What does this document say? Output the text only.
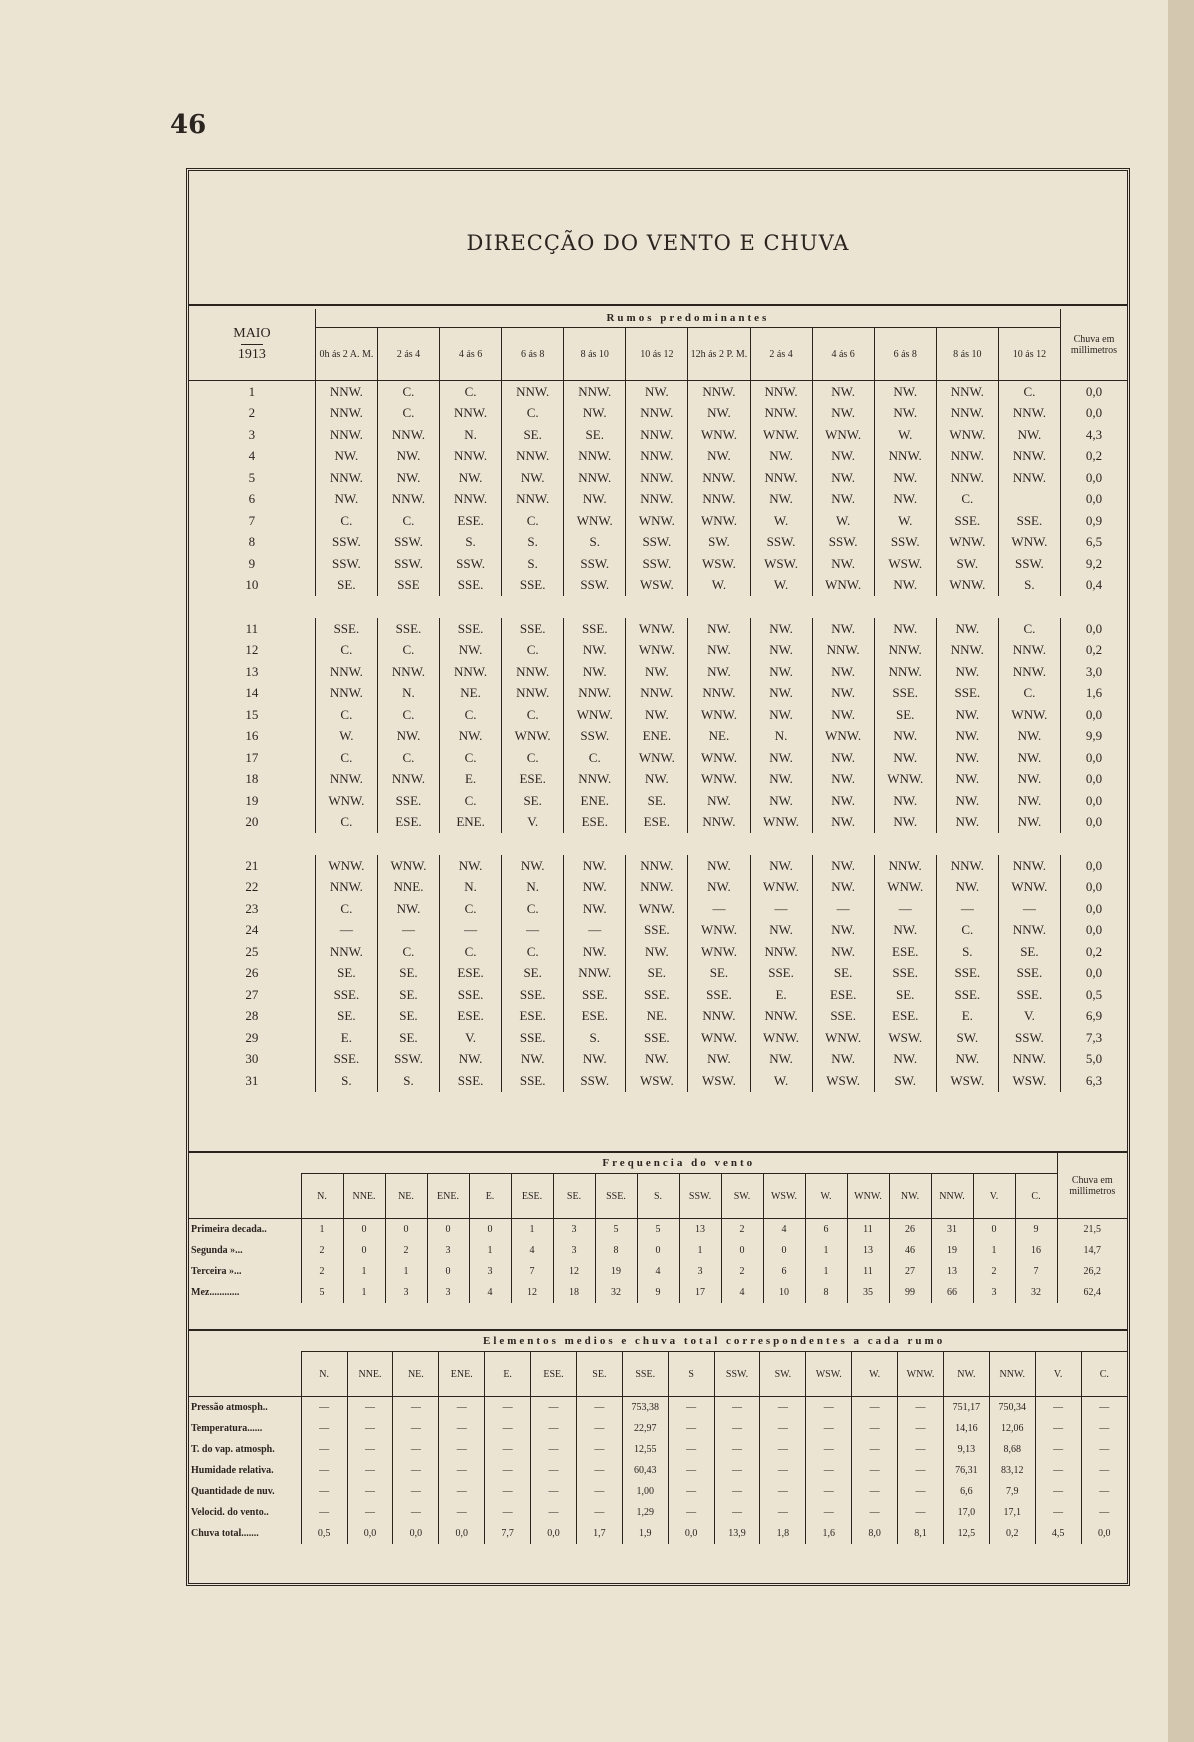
46
DIRECÇÃO DO VENTO E CHUVA
MAIO
1913	Rumos predominantes												Chuva em millimetros
	0h ás 2 A. M.	2 ás 4	4 ás 6	6 ás 8	8 ás 10	10 ás 12	12h ás 2 P. M.	2 ás 4	4 ás 6	6 ás 8	8 ás 10	10 ás 12	
1	NNW.	C.	C.	NNW.	NNW.	NW.	NNW.	NNW.	NW.	NW.	NNW.	C.	0,0
2	NNW.	C.	NNW.	C.	NW.	NNW.	NW.	NNW.	NW.	NW.	NNW.	NNW.	0,0
3	NNW.	NNW.	N.	SE.	SE.	NNW.	WNW.	WNW.	WNW.	W.	WNW.	NW.	4,3
4	NW.	NW.	NNW.	NNW.	NNW.	NNW.	NW.	NW.	NW.	NNW.	NNW.	NNW.	0,2
5	NNW.	NW.	NW.	NW.	NNW.	NNW.	NNW.	NNW.	NW.	NW.	NNW.	NNW.	0,0
6	NW.	NNW.	NNW.	NNW.	NW.	NNW.	NNW.	NW.	NW.	NW.	C.		0,0
7	C.	C.	ESE.	C.	WNW.	WNW.	WNW.	W.	W.	W.	SSE.	SSE.	0,9
8	SSW.	SSW.	S.	S.	S.	SSW.	SW.	SSW.	SSW.	SSW.	WNW.	WNW.	6,5
9	SSW.	SSW.	SSW.	S.	SSW.	SSW.	WSW.	WSW.	NW.	WSW.	SW.	SSW.	9,2
10	SE.	SSE	SSE.	SSE.	SSW.	WSW.	W.	W.	WNW.	NW.	WNW.	S.	0,4

11	SSE.	SSE.	SSE.	SSE.	SSE.	WNW.	NW.	NW.	NW.	NW.	NW.	C.	0,0
12	C.	C.	NW.	C.	NW.	WNW.	NW.	NW.	NNW.	NNW.	NNW.	NNW.	0,2
13	NNW.	NNW.	NNW.	NNW.	NW.	NW.	NW.	NW.	NW.	NNW.	NW.	NNW.	3,0
14	NNW.	N.	NE.	NNW.	NNW.	NNW.	NNW.	NW.	NW.	SSE.	SSE.	C.	1,6
15	C.	C.	C.	C.	WNW.	NW.	WNW.	NW.	NW.	SE.	NW.	WNW.	0,0
16	W.	NW.	NW.	WNW.	SSW.	ENE.	NE.	N.	WNW.	NW.	NW.	NW.	9,9
17	C.	C.	C.	C.	C.	WNW.	WNW.	NW.	NW.	NW.	NW.	NW.	0,0
18	NNW.	NNW.	E.	ESE.	NNW.	NW.	WNW.	NW.	NW.	WNW.	NW.	NW.	0,0
19	WNW.	SSE.	C.	SE.	ENE.	SE.	NW.	NW.	NW.	NW.	NW.	NW.	0,0
20	C.	ESE.	ENE.	V.	ESE.	ESE.	NNW.	WNW.	NW.	NW.	NW.	NW.	0,0

21	WNW.	WNW.	NW.	NW.	NW.	NNW.	NW.	NW.	NW.	NNW.	NNW.	NNW.	0,0
22	NNW.	NNE.	N.	N.	NW.	NNW.	NW.	WNW.	NW.	WNW.	NW.	WNW.	0,0
23	C.	NW.	C.	C.	NW.	WNW.	—	—	—	—	—	—	0,0
24	—	—	—	—	—	SSE.	WNW.	NW.	NW.	NW.	C.	NNW.	0,0
25	NNW.	C.	C.	C.	NW.	NW.	WNW.	NNW.	NW.	ESE.	S.	SE.	0,2
26	SE.	SE.	ESE.	SE.	NNW.	SE.	SE.	SSE.	SE.	SSE.	SSE.	SSE.	0,0
27	SSE.	SE.	SSE.	SSE.	SSE.	SSE.	SSE.	E.	ESE.	SE.	SSE.	SSE.	0,5
28	SE.	SE.	ESE.	ESE.	ESE.	NE.	NNW.	NNW.	SSE.	ESE.	E.	V.	6,9
29	E.	SE.	V.	SSE.	S.	SSE.	WNW.	WNW.	WNW.	WSW.	SW.	SSW.	7,3
30	SSE.	SSW.	NW.	NW.	NW.	NW.	NW.	NW.	NW.	NW.	NW.	NNW.	5,0
31	S.	S.	SSE.	SSE.	SSW.	WSW.	WSW.	W.	WSW.	SW.	WSW.	WSW.	6,3
	Frequencia do vento																		Chuva em millimetros
	N.	NNE.	NE.	ENE.	E.	ESE.	SE.	SSE.	S.	SSW.	SW.	WSW.	W.	WNW.	NW.	NNW.	V.	C.	
Primeira decada..	1	0	0	0	0	1	3	5	5	13	2	4	6	11	26	31	0	9	21,5
Segunda »...	2	0	2	3	1	4	3	8	0	1	0	0	1	13	46	19	1	16	14,7
Terceira »...	2	1	1	0	3	7	12	19	4	3	2	6	1	11	27	13	2	7	26,2
Mez............	5	1	3	3	4	12	18	32	9	17	4	10	8	35	99	66	3	32	62,4
	Elementos medios e chuva total correspondentes a cada rumo																	
	N.	NNE.	NE.	ENE.	E.	ESE.	SE.	SSE.	S	SSW.	SW.	WSW.	W.	WNW.	NW.	NNW.	V.	C.
Pressão atmosph..	—	—	—	—	—	—	—	753,38	—	—	—	—	—	—	751,17	750,34	—	—
Temperatura......	—	—	—	—	—	—	—	22,97	—	—	—	—	—	—	14,16	12,06	—	—
T. do vap. atmosph.	—	—	—	—	—	—	—	12,55	—	—	—	—	—	—	9,13	8,68	—	—
Humidade relativa.	—	—	—	—	—	—	—	60,43	—	—	—	—	—	—	76,31	83,12	—	—
Quantidade de nuv.	—	—	—	—	—	—	—	1,00	—	—	—	—	—	—	6,6	7,9	—	—
Velocid. do vento..	—	—	—	—	—	—	—	1,29	—	—	—	—	—	—	17,0	17,1	—	—
Chuva total.......	0,5	0,0	0,0	0,0	7,7	0,0	1,7	1,9	0,0	13,9	1,8	1,6	8,0	8,1	12,5	0,2	4,5	0,0
